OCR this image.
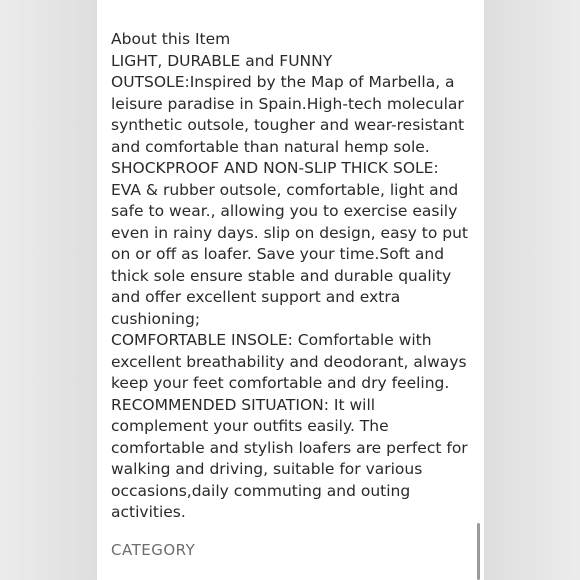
About this Item

LIGHT, DURABLE and FUNNY OUTSOLE:Inspired by the Map of Marbella, a leisure paradise in Spain.High-tech molecular synthetic outsole, tougher and wear-resistant and comfortable than natural hemp sole.

SHOCKPROOF AND NON-SLIP THICK SOLE: EVA & rubber outsole, comfortable, light and safe to wear., allowing you to exercise easily even in rainy days. slip on design, easy to put on or off as loafer. Save your time.Soft and thick sole ensure stable and durable quality and offer excellent support and extra cushioning;

COMFORTABLE INSOLE: Comfortable with excellent breathability and deodorant, always keep your feet comfortable and dry feeling.

RECOMMENDED SITUATION: It will complement your outfits easily. The comfortable and stylish loafers are perfect for walking and driving, suitable for various occasions,daily commuting and outing activities.

CATEGORY
